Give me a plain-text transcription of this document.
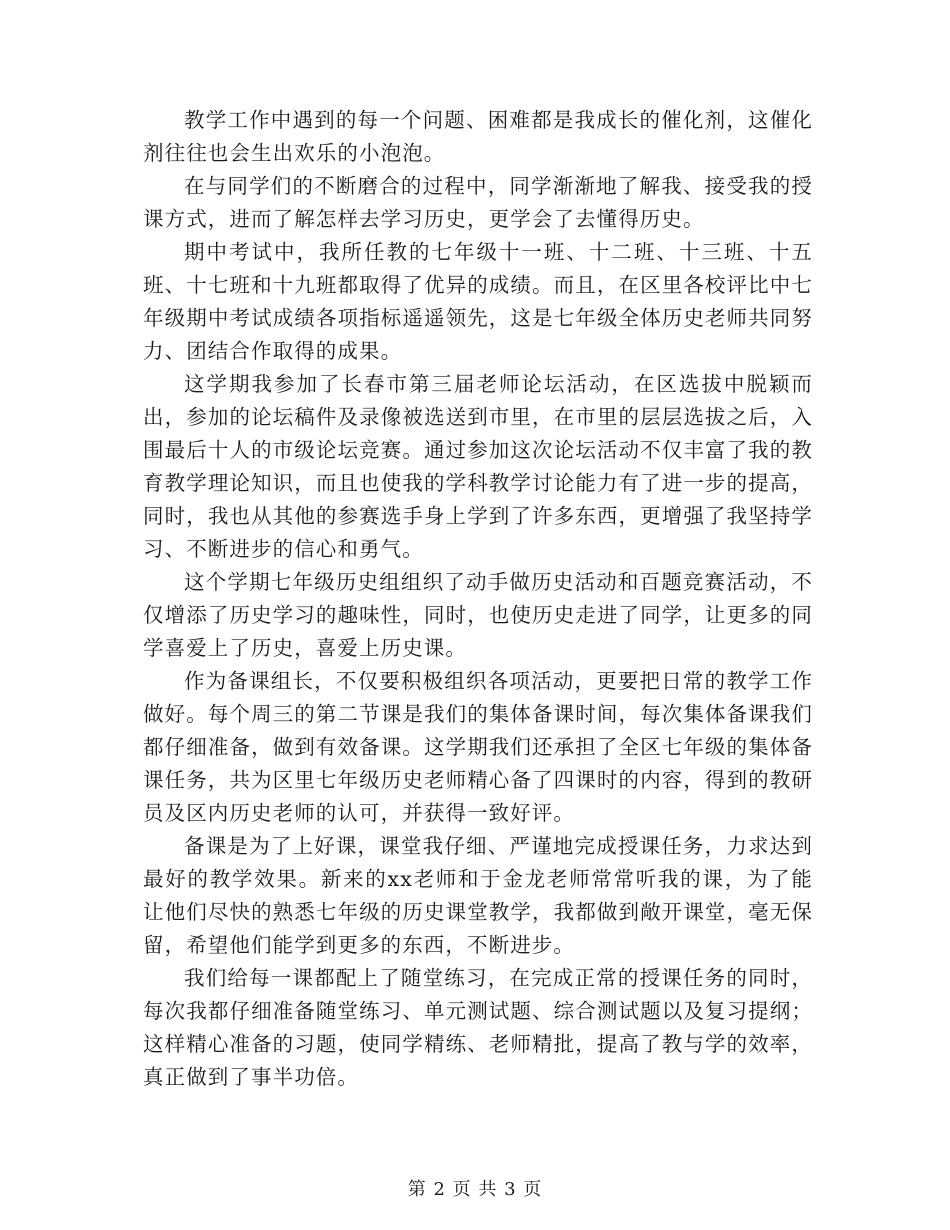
教学工作中遇到的每一个问题、困难都是我成长的催化剂，这催化剂往往也会生出欢乐的小泡泡。

在与同学们的不断磨合的过程中，同学渐渐地了解我、接受我的授课方式，进而了解怎样去学习历史，更学会了去懂得历史。

期中考试中，我所任教的七年级十一班、十二班、十三班、十五班、十七班和十九班都取得了优异的成绩。而且，在区里各校评比中七年级期中考试成绩各项指标遥遥领先，这是七年级全体历史老师共同努力、团结合作取得的成果。

这学期我参加了长春市第三届老师论坛活动，在区选拔中脱颖而出，参加的论坛稿件及录像被选送到市里，在市里的层层选拔之后，入围最后十人的市级论坛竞赛。通过参加这次论坛活动不仅丰富了我的教育教学理论知识，而且也使我的学科教学讨论能力有了进一步的提高，同时，我也从其他的参赛选手身上学到了许多东西，更增强了我坚持学习、不断进步的信心和勇气。

这个学期七年级历史组组织了动手做历史活动和百题竞赛活动，不仅增添了历史学习的趣味性，同时，也使历史走进了同学，让更多的同学喜爱上了历史，喜爱上历史课。

作为备课组长，不仅要积极组织各项活动，更要把日常的教学工作做好。每个周三的第二节课是我们的集体备课时间，每次集体备课我们都仔细准备，做到有效备课。这学期我们还承担了全区七年级的集体备课任务，共为区里七年级历史老师精心备了四课时的内容，得到的教研员及区内历史老师的认可，并获得一致好评。

备课是为了上好课，课堂我仔细、严谨地完成授课任务，力求达到最好的教学效果。新来的xx老师和于金龙老师常常听我的课，为了能让他们尽快的熟悉七年级的历史课堂教学，我都做到敞开课堂，毫无保留，希望他们能学到更多的东西，不断进步。

我们给每一课都配上了随堂练习，在完成正常的授课任务的同时，每次我都仔细准备随堂练习、单元测试题、综合测试题以及复习提纲；这样精心准备的习题，使同学精练、老师精批，提高了教与学的效率，真正做到了事半功倍。

第 2 页 共 3 页
